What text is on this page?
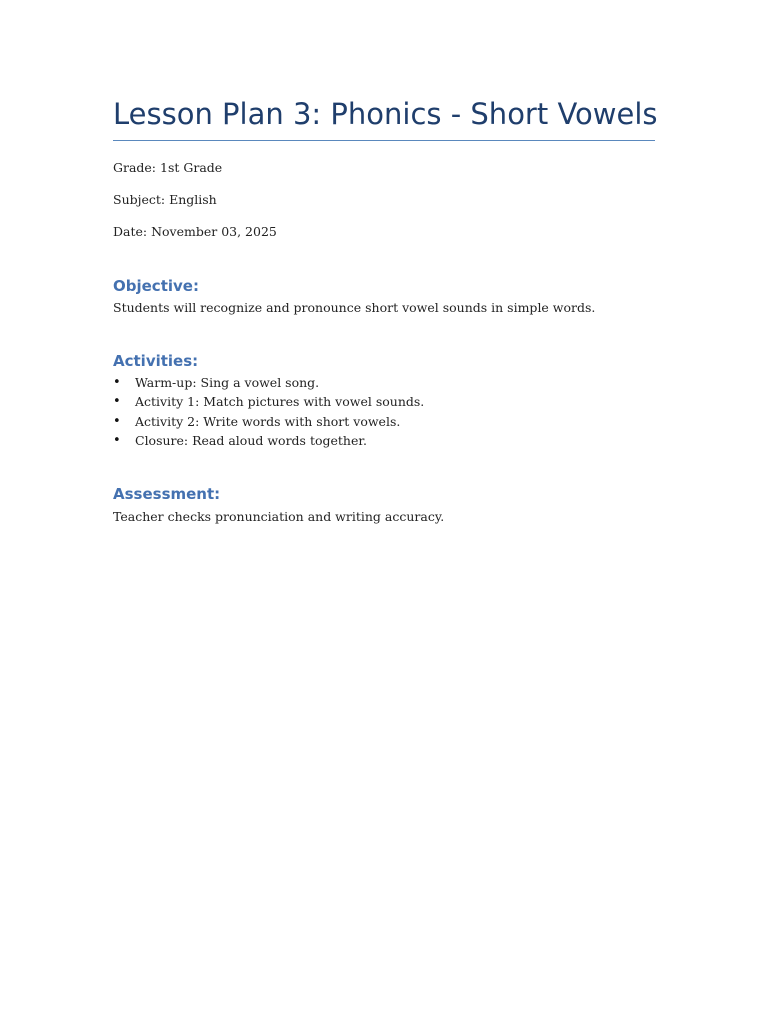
Lesson Plan 3: Phonics - Short Vowels

Grade: 1st Grade

Subject: English

Date: November 03, 2025

Objective:

Students will recognize and pronounce short vowel sounds in simple words.

Activities:
• Warm-up: Sing a vowel song.
• Activity 1: Match pictures with vowel sounds.
• Activity 2: Write words with short vowels.
• Closure: Read aloud words together.
Assessment:

Teacher checks pronunciation and writing accuracy.
